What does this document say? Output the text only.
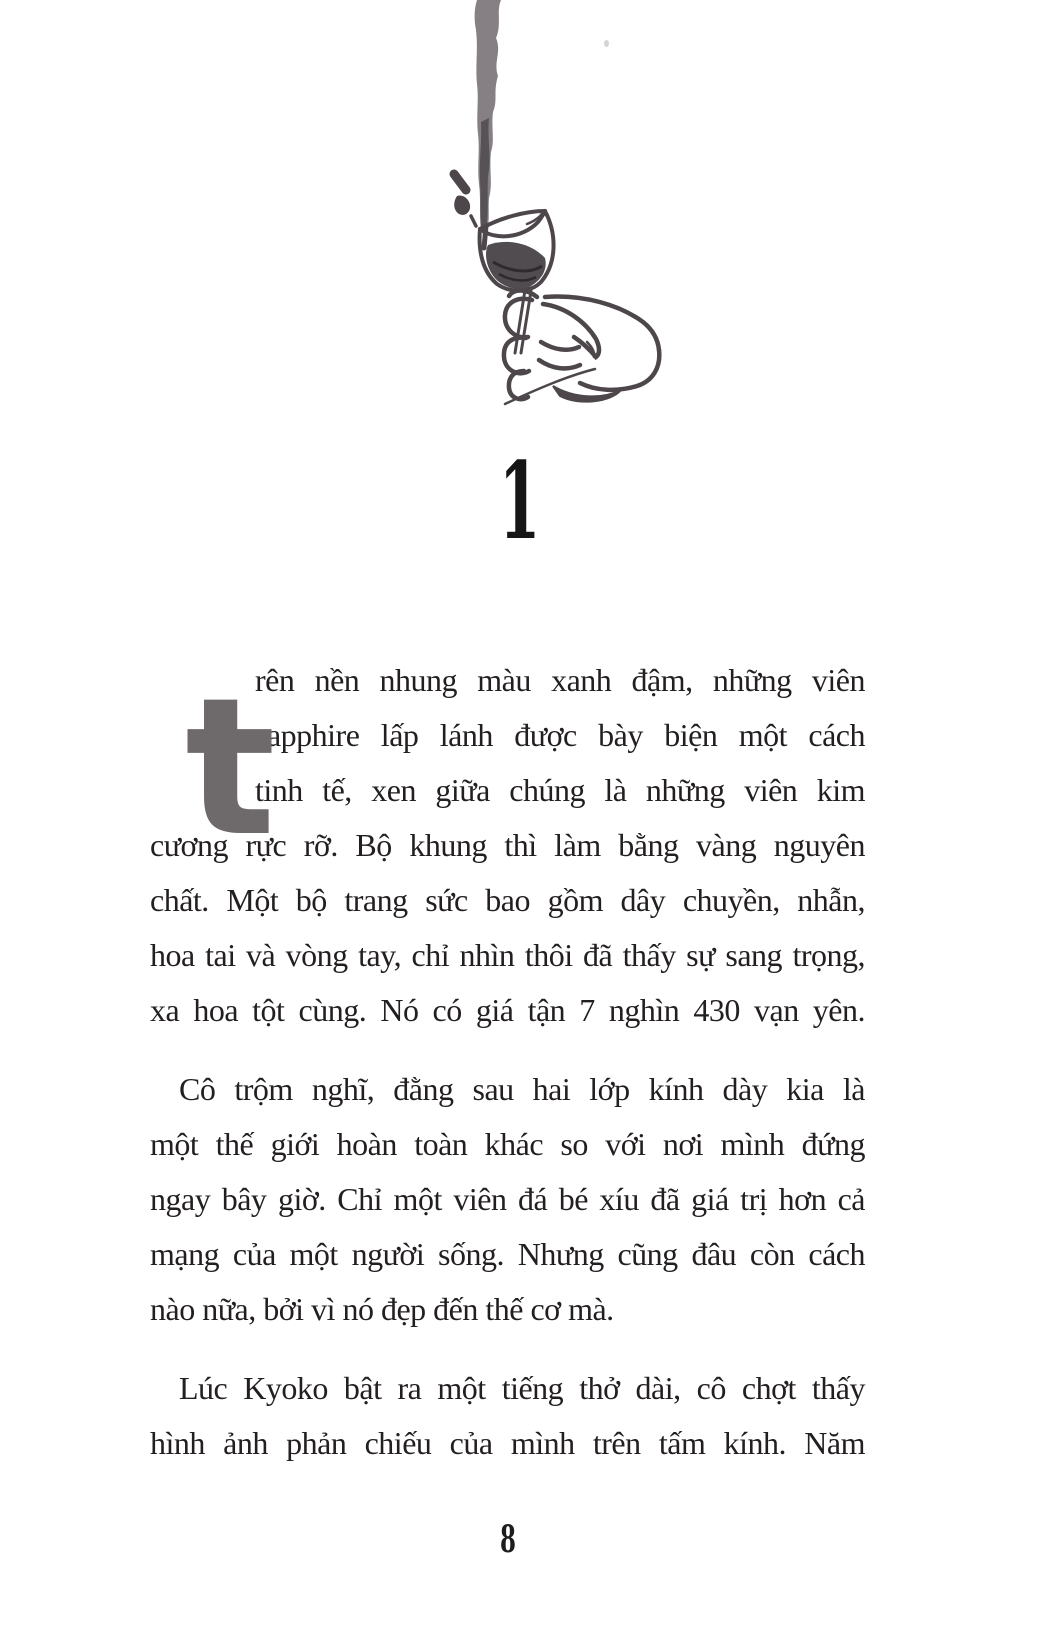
1
t
rên nền nhung màu xanh đậm, những viên
sapphire lấp lánh được bày biện một cách
tinh tế, xen giữa chúng là những viên kim
cương rực rỡ. Bộ khung thì làm bằng vàng nguyên
chất. Một bộ trang sức bao gồm dây chuyền, nhẫn,
hoa tai và vòng tay, chỉ nhìn thôi đã thấy sự sang trọng,
xa hoa tột cùng. Nó có giá tận 7 nghìn 430 vạn yên.
Cô trộm nghĩ, đằng sau hai lớp kính dày kia là
một thế giới hoàn toàn khác so với nơi mình đứng
ngay bây giờ. Chỉ một viên đá bé xíu đã giá trị hơn cả
mạng của một người sống. Nhưng cũng đâu còn cách
nào nữa, bởi vì nó đẹp đến thế cơ mà.
Lúc Kyoko bật ra một tiếng thở dài, cô chợt thấy
hình ảnh phản chiếu của mình trên tấm kính. Năm
8
